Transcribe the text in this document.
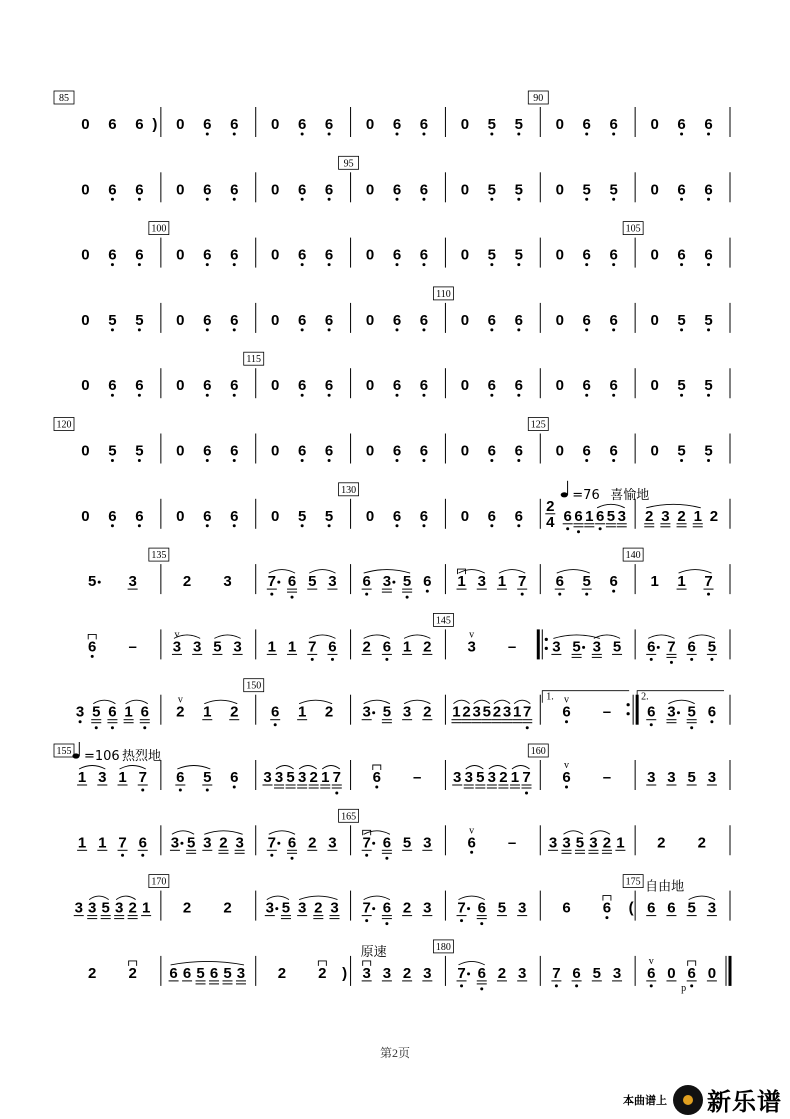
85
0 6 6 ) 0 6 6 0 6 6 0 6 6 0 5 5
90
0 6 6 0 6 6
0 6 6 0 6 6 0 6 6
95
0 6 6 0 5 5 0 5 5 0 6 6
0 6 6
100
0 6 6 0 6 6 0 6 6 0 5 5 0 6 6
105
0 6 6
0 5 5 0 6 6 0 6 6 0 6 6
110
0 6 6 0 6 6 0 5 5
0 6 6 0 6 6
115
0 6 6 0 6 6 0 6 6 0 6 6 0 5 5
120
0 5 5 0 6 6 0 6 6 0 6 6 0 6 6
125
0 6 6 0 5 5
0 6 6 0 6 6 0 5 5
130
0 6 6 0 6 6
=76 喜愉地
2
4 6 6 1 6 5 3 2 3 2 1 2
5 3
135
2 3 7 6 5 3 6 3 5 6 1 3 1 7 6 5 6
140
1 1 7
6 – 3
v
3 5 3 1 1 7 6 2 6 1 2
145
3
v
– 3 5 3 5 6 7 6 5
3 5 6 1 6 2
v
1 2
150
6 1 2 3 5 3 2 1 2 3 5 2 3 1 7
1.
6
v
–
2.
6 3 5 6
155 =106 热烈地
1 3 1 7 6 5 6 3 3 5 3 2 1 7 6 – 3 3 5 3 2 1 7
160
6
v
– 3 3 5 3
1 1 7 6 3 5 3 2 3 7 6 2 3
165
7 6 5 3 6
v
– 3 3 5 3 2 1 2 2
3 3 5 3 2 1
170
2 2 3 5 3 2 3 7 6 2 3 7 6 5 3 6 6 (
175 自由地
6 6 5 3
2 2 6 6 5 6 5 3 2 2 )
原速
3 3 2 3
180
7 6 2 3 7 6 5 3 6
v
0 6
p
0
第2页
本曲谱上 新乐谱
